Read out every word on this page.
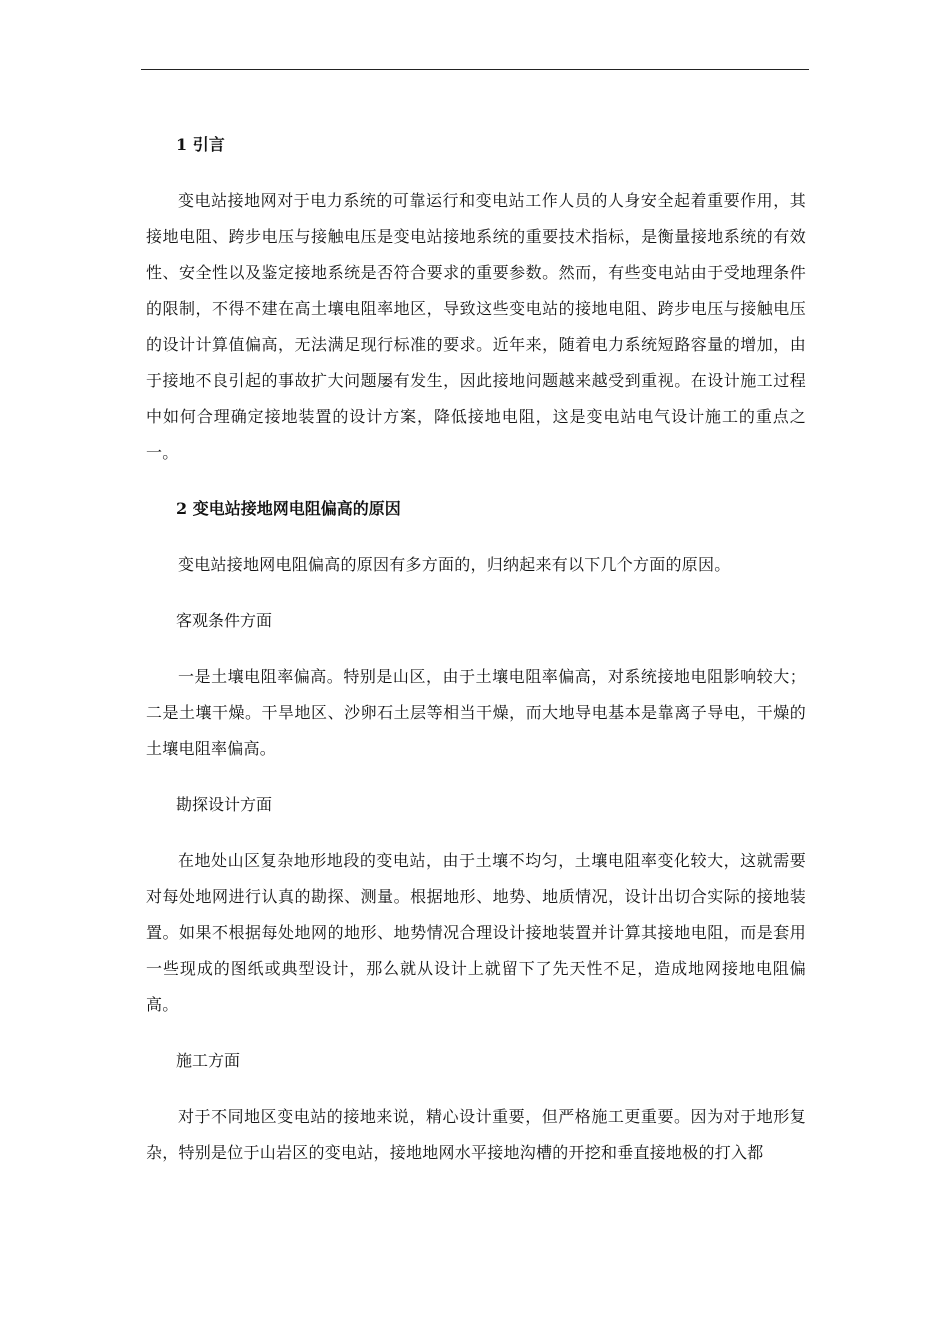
1 引言

变电站接地网对于电力系统的可靠运行和变电站工作人员的人身安全起着重要作用，其接地电阻、跨步电压与接触电压是变电站接地系统的重要技术指标，是衡量接地系统的有效性、安全性以及鉴定接地系统是否符合要求的重要参数。然而，有些变电站由于受地理条件的限制，不得不建在高土壤电阻率地区，导致这些变电站的接地电阻、跨步电压与接触电压的设计计算值偏高，无法满足现行标准的要求。近年来，随着电力系统短路容量的增加，由于接地不良引起的事故扩大问题屡有发生，因此接地问题越来越受到重视。在设计施工过程中如何合理确定接地装置的设计方案，降低接地电阻，这是变电站电气设计施工的重点之一。

2 变电站接地网电阻偏高的原因

变电站接地网电阻偏高的原因有多方面的，归纳起来有以下几个方面的原因。

客观条件方面

一是土壤电阻率偏高。特别是山区，由于土壤电阻率偏高，对系统接地电阻影响较大；二是土壤干燥。干旱地区、沙卵石土层等相当干燥，而大地导电基本是靠离子导电，干燥的土壤电阻率偏高。

勘探设计方面

在地处山区复杂地形地段的变电站，由于土壤不均匀，土壤电阻率变化较大，这就需要对每处地网进行认真的勘探、测量。根据地形、地势、地质情况，设计出切合实际的接地装置。如果不根据每处地网的地形、地势情况合理设计接地装置并计算其接地电阻，而是套用一些现成的图纸或典型设计，那么就从设计上就留下了先天性不足，造成地网接地电阻偏高。

施工方面

对于不同地区变电站的接地来说，精心设计重要，但严格施工更重要。因为对于地形复杂，特别是位于山岩区的变电站，接地地网水平接地沟槽的开挖和垂直接地极的打入都
